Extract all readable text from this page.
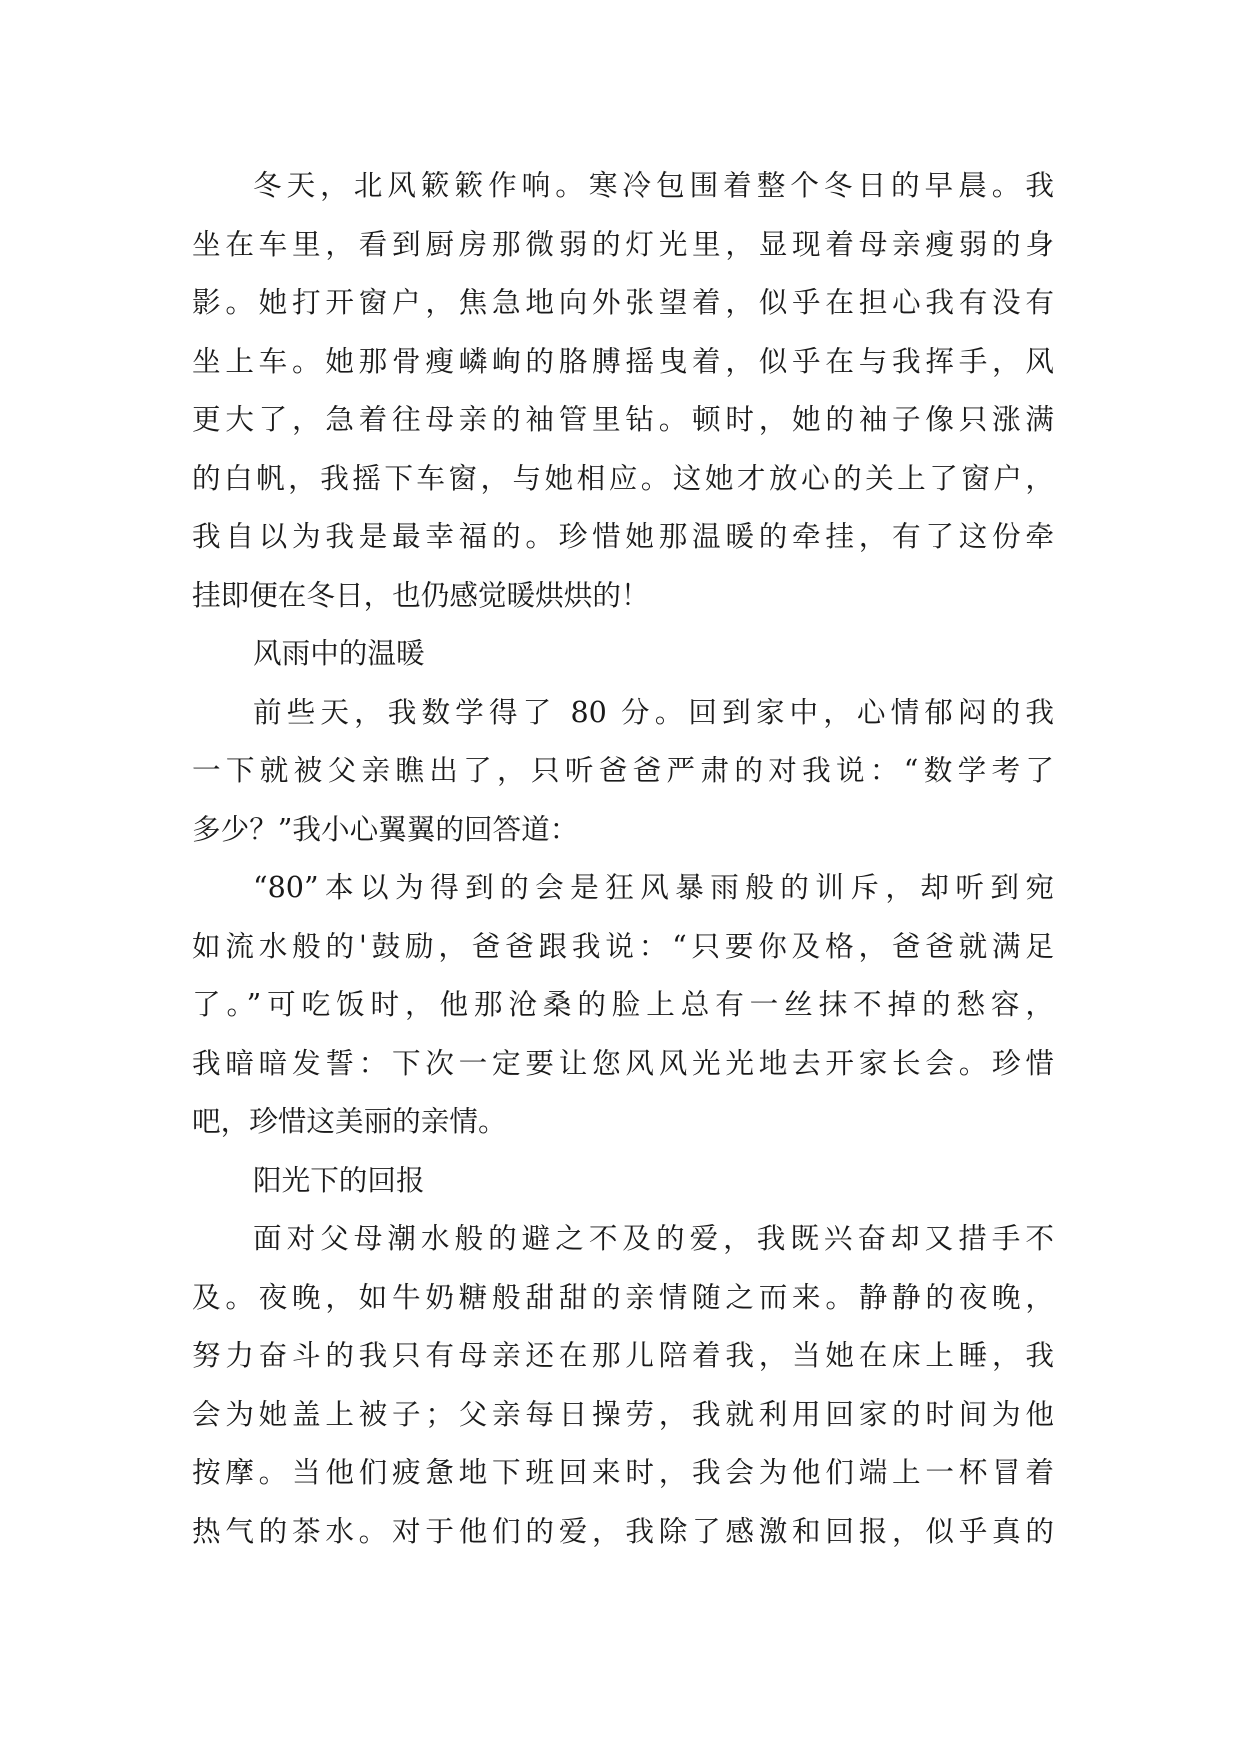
冬天，北风簌簌作响。寒冷包围着整个冬日的早晨。我
坐在车里，看到厨房那微弱的灯光里，显现着母亲瘦弱的身
影。她打开窗户，焦急地向外张望着，似乎在担心我有没有
坐上车。她那骨瘦嶙峋的胳膊摇曳着，似乎在与我挥手，风
更大了，急着往母亲的袖管里钻。顿时，她的袖子像只涨满
的白帆，我摇下车窗，与她相应。这她才放心的关上了窗户，
我自以为我是最幸福的。珍惜她那温暖的牵挂，有了这份牵
挂即便在冬日，也仍感觉暖烘烘的！
风雨中的温暖
前些天，我数学得了 80 分。回到家中，心情郁闷的我
一下就被父亲瞧出了，只听爸爸严肃的对我说：“数学考了
多少？”我小心翼翼的回答道：
“80”本以为得到的会是狂风暴雨般的训斥，却听到宛
如流水般的'鼓励，爸爸跟我说：“只要你及格，爸爸就满足
了。”可吃饭时，他那沧桑的脸上总有一丝抹不掉的愁容，
我暗暗发誓：下次一定要让您风风光光地去开家长会。珍惜
吧，珍惜这美丽的亲情。
阳光下的回报
面对父母潮水般的避之不及的爱，我既兴奋却又措手不
及。夜晚，如牛奶糖般甜甜的亲情随之而来。静静的夜晚，
努力奋斗的我只有母亲还在那儿陪着我，当她在床上睡，我
会为她盖上被子；父亲每日操劳，我就利用回家的时间为他
按摩。当他们疲惫地下班回来时，我会为他们端上一杯冒着
热气的茶水。对于他们的爱，我除了感激和回报，似乎真的
